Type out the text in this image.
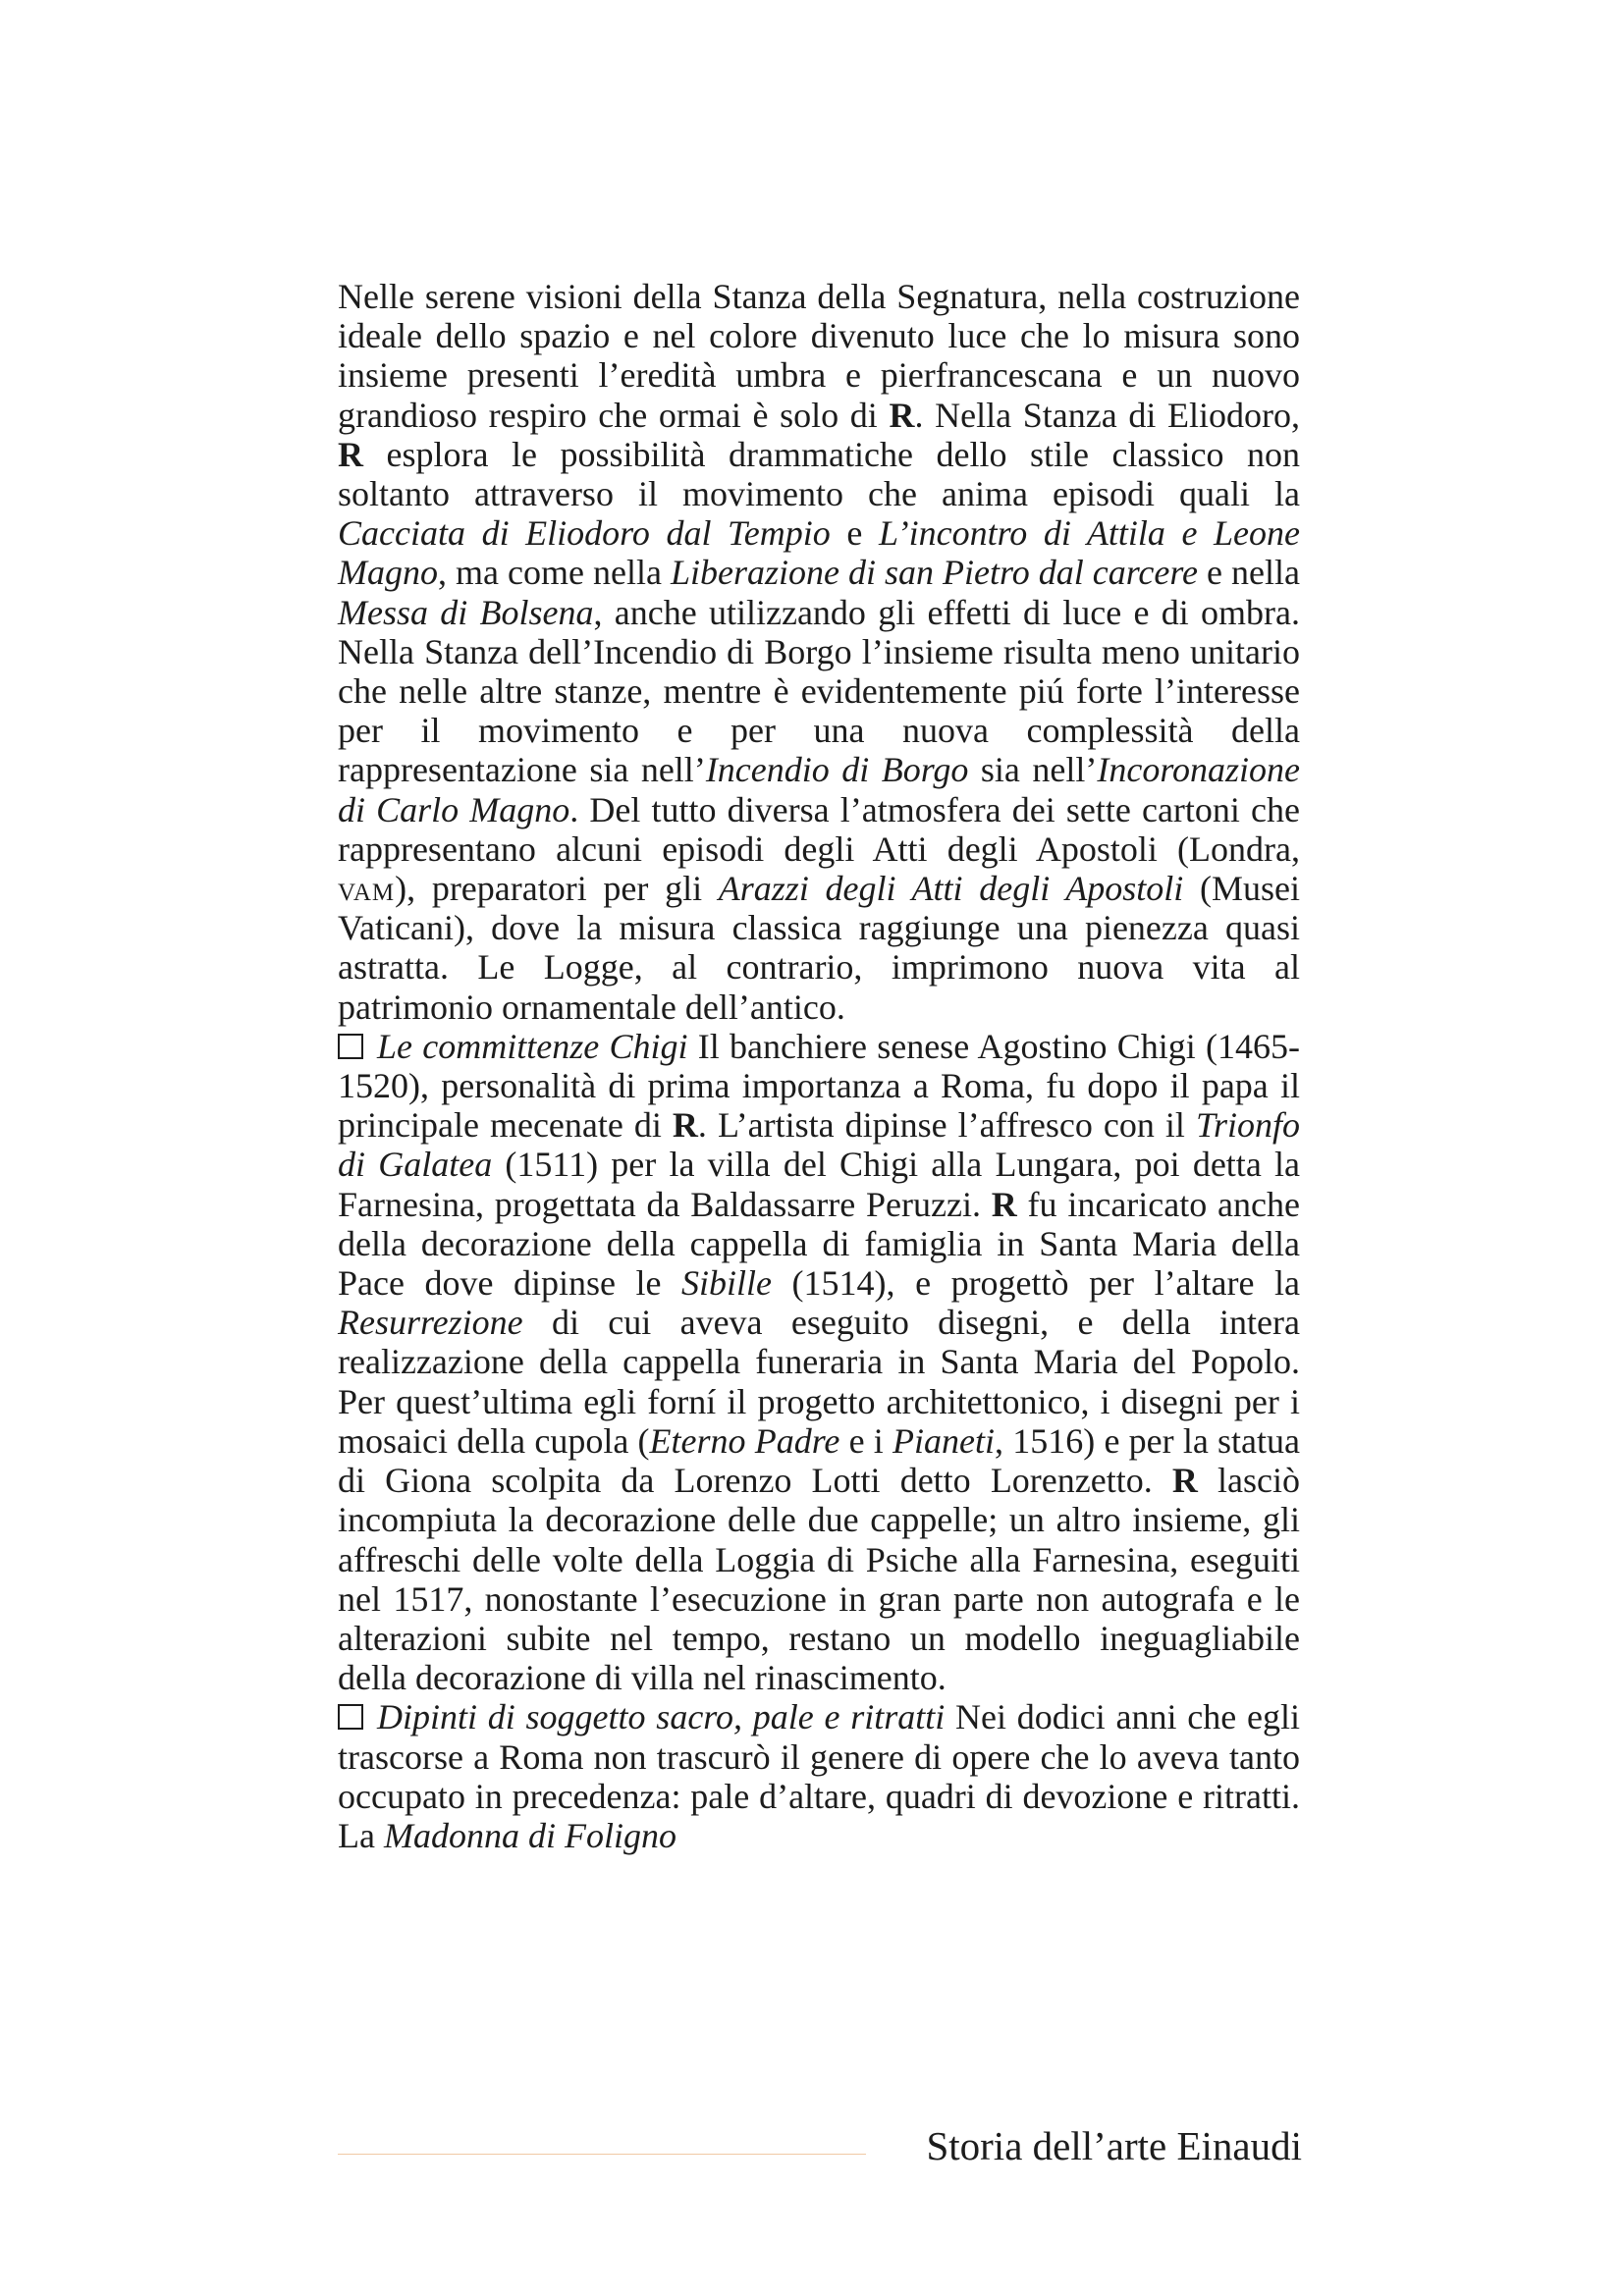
Nelle serene visioni della Stanza della Segnatura, nella costruzione ideale dello spazio e nel colore divenuto luce che lo misura sono insieme presenti l’eredità umbra e pierfrancescana e un nuovo grandioso respiro che ormai è solo di R. Nella Stanza di Eliodoro, R esplora le possibilità drammatiche dello stile classico non soltanto attraverso il movimento che anima episodi quali la Cacciata di Eliodoro dal Tempio e L’incontro di Attila e Leone Magno, ma come nella Liberazione di san Pietro dal carcere e nella Messa di Bolsena, anche utilizzando gli effetti di luce e di ombra. Nella Stanza dell’Incendio di Borgo l’insieme risulta meno unitario che nelle altre stanze, mentre è evidentemente piú forte l’interesse per il movimento e per una nuova complessità della rappresentazione sia nell’Incendio di Borgo sia nell’Incoronazione di Carlo Magno. Del tutto diversa l’atmosfera dei sette cartoni che rappresentano alcuni episodi degli Atti degli Apostoli (Londra, vam), preparatori per gli Arazzi degli Atti degli Apostoli (Musei Vaticani), dove la misura classica raggiunge una pienezza quasi astratta. Le Logge, al contrario, imprimono nuova vita al patrimonio ornamentale dell’antico.

Le committenze Chigi Il banchiere senese Agostino Chigi (1465-1520), personalità di prima importanza a Roma, fu dopo il papa il principale mecenate di R. L’artista dipinse l’affresco con il Trionfo di Galatea (1511) per la villa del Chigi alla Lungara, poi detta la Farnesina, progettata da Baldassarre Peruzzi. R fu incaricato anche della decorazione della cappella di famiglia in Santa Maria della Pace dove dipinse le Sibille (1514), e progettò per l’altare la Resurrezione di cui aveva eseguito disegni, e della intera realizzazione della cappella funeraria in Santa Maria del Popolo. Per quest’ultima egli forní il progetto architettonico, i disegni per i mosaici della cupola (Eterno Padre e i Pianeti, 1516) e per la statua di Giona scolpita da Lorenzo Lotti detto Lorenzetto. R lasciò incompiuta la decorazione delle due cappelle; un altro insieme, gli affreschi delle volte della Loggia di Psiche alla Farnesina, eseguiti nel 1517, nonostante l’esecuzione in gran parte non autografa e le alterazioni subite nel tempo, restano un modello ineguagliabile della decorazione di villa nel rinascimento.

Dipinti di soggetto sacro, pale e ritratti Nei dodici anni che egli trascorse a Roma non trascurò il genere di opere che lo aveva tanto occupato in precedenza: pale d’altare, quadri di devozione e ritratti. La Madonna di Foligno

Storia dell’arte Einaudi
